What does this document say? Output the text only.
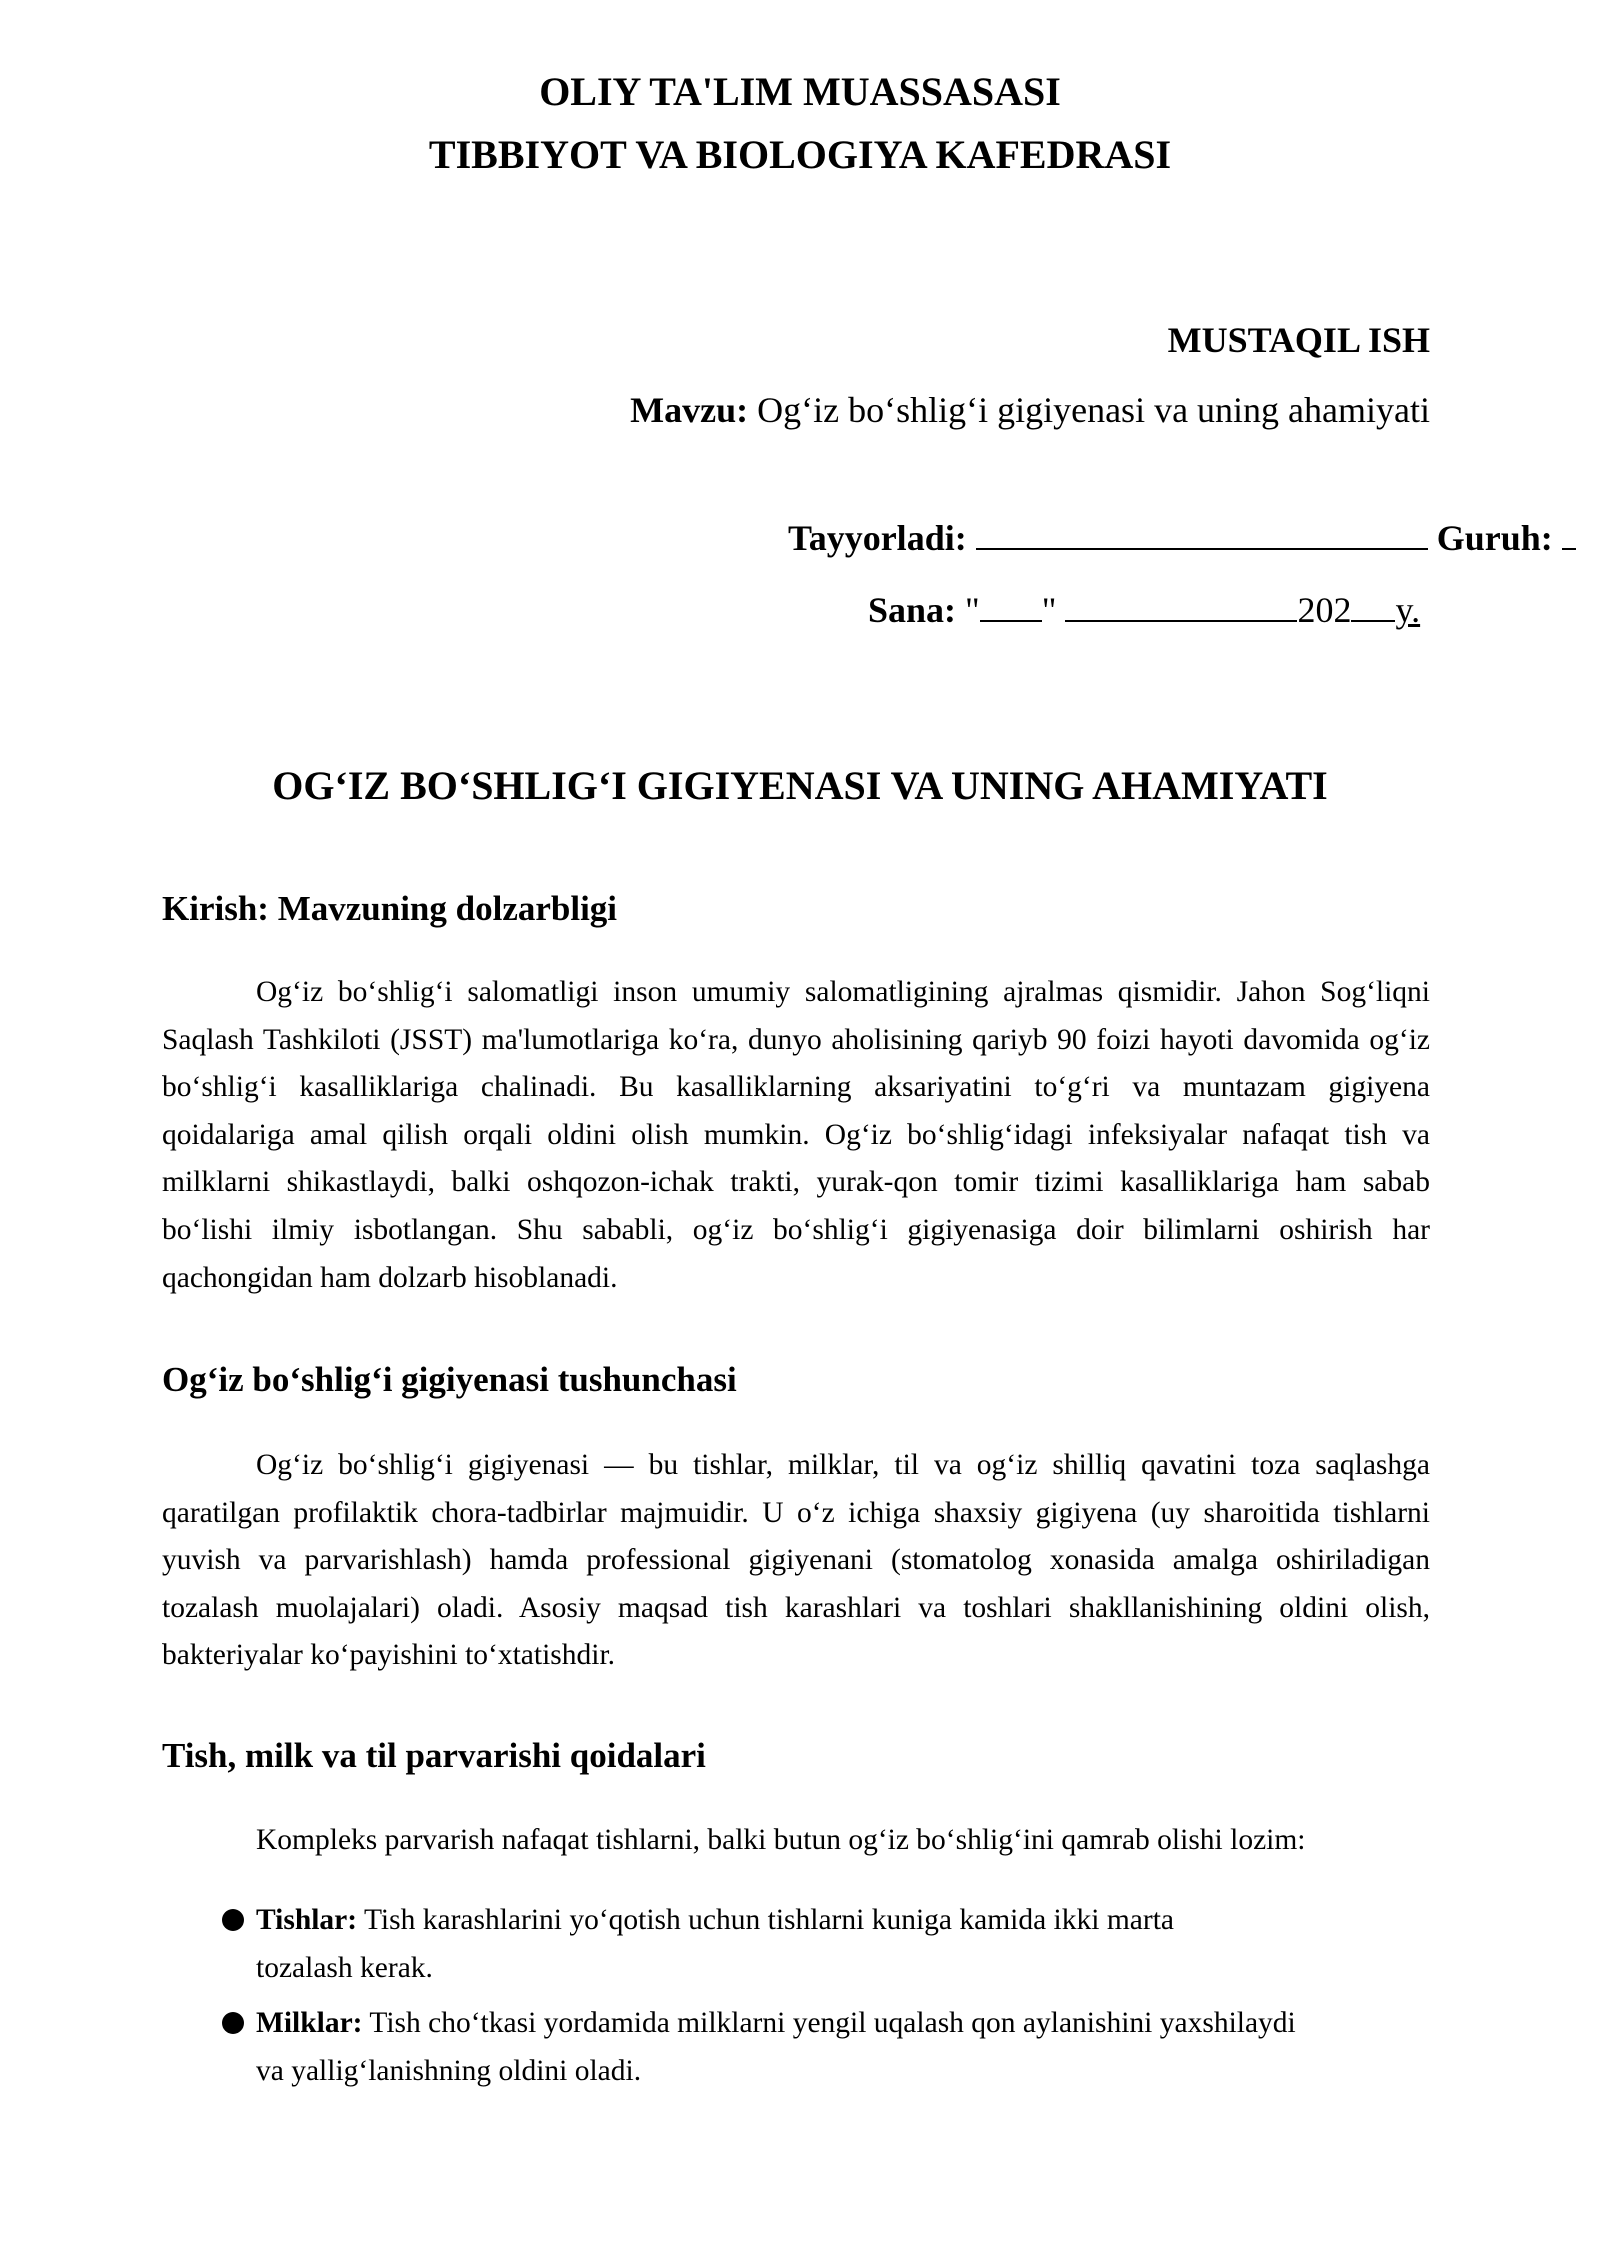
OLIY TA'LIM MUASSASASI
TIBBIYOT VA BIOLOGIYA KAFEDRASI
MUSTAQIL ISH
Mavzu: Og‘iz bo‘shlig‘i gigiyenasi va uning ahamiyati
Tayyorladi:	Guruh:
Sana: " "	202 y.
OG‘IZ BO‘SHLIG‘I GIGIYENASI VA UNING AHAMIYATI
Kirish: Mavzuning dolzarbligi

Og‘iz bo‘shlig‘i salomatligi inson umumiy salomatligining ajralmas qismidir. Jahon Sog‘liqni Saqlash Tashkiloti (JSST) ma'lumotlariga ko‘ra, dunyo aholisining qariyb 90 foizi hayoti davomida og‘iz bo‘shlig‘i kasalliklariga chalinadi. Bu kasalliklarning aksariyatini to‘g‘ri va muntazam gigiyena qoidalariga amal qilish orqali oldini olish mumkin. Og‘iz bo‘shlig‘idagi infeksiyalar nafaqat tish va milklarni shikastlaydi, balki oshqozon-ichak trakti, yurak-qon tomir tizimi kasalliklariga ham sabab bo‘lishi ilmiy isbotlangan. Shu sababli, og‘iz bo‘shlig‘i gigiyenasiga doir bilimlarni oshirish har qachongidan ham dolzarb hisoblanadi.

Og‘iz bo‘shlig‘i gigiyenasi tushunchasi

Og‘iz bo‘shlig‘i gigiyenasi — bu tishlar, milklar, til va og‘iz shilliq qavatini toza saqlashga qaratilgan profilaktik chora-tadbirlar majmuidir. U o‘z ichiga shaxsiy gigiyena (uy sharoitida tishlarni yuvish va parvarishlash) hamda professional gigiyenani (stomatolog xonasida amalga oshiriladigan tozalash muolajalari) oladi. Asosiy maqsad tish karashlari va toshlari shakllanishining oldini olish, bakteriyalar ko‘payishini to‘xtatishdir.

Tish, milk va til parvarishi qoidalari
Kompleks parvarish nafaqat tishlarni, balki butun og‘iz bo‘shlig‘ini qamrab olishi lozim:
Tishlar: Tish karashlarini yo‘qotish uchun tishlarni kuniga kamida ikki marta
tozalash kerak.
Milklar: Tish cho‘tkasi yordamida milklarni yengil uqalash qon aylanishini yaxshilaydi
va yallig‘lanishning oldini oladi.
